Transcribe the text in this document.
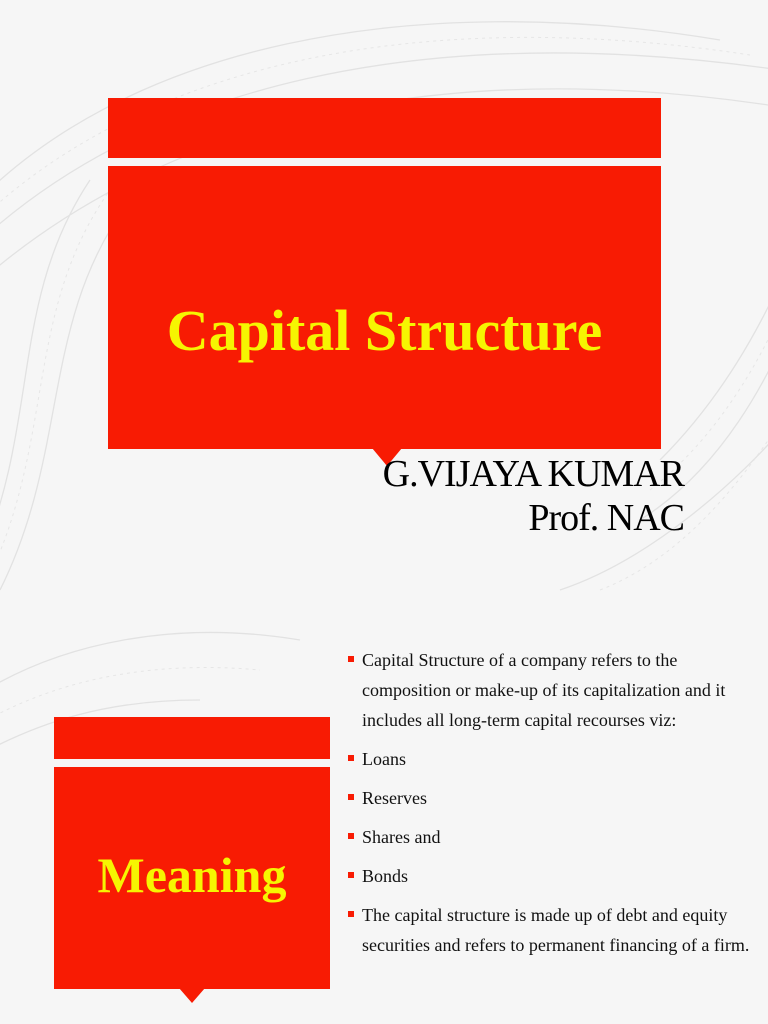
Capital Structure
G.VIJAYA KUMAR
Prof. NAC
Meaning
Capital Structure of a company refers to the composition or make-up of its capitalization and it includes all long-term capital recourses viz:
Loans
Reserves
Shares and
Bonds
The capital structure is made up of debt and equity securities and refers to permanent financing of a firm.
